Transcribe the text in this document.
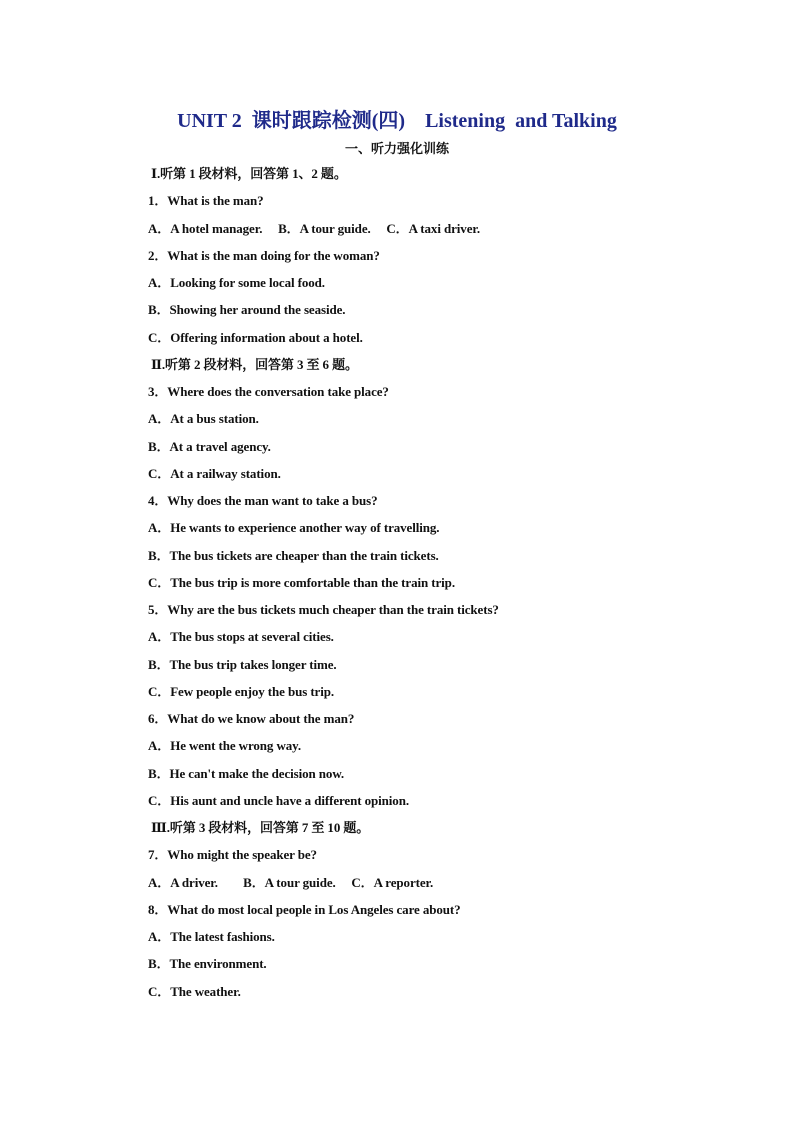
UNIT 2  课时跟踪检测(四)    Listening  and Talking
一、听力强化训练
Ⅰ.听第 1 段材料，回答第 1、2 题。
1．What is the man?
A．A hotel manager.     B．A tour guide.     C．A taxi driver.
2．What is the man doing for the woman?
A．Looking for some local food.
B．Showing her around the seaside.
C．Offering information about a hotel.
Ⅱ.听第 2 段材料，回答第 3 至 6 题。
3．Where does the conversation take place?
A．At a bus station.
B．At a travel agency.
C．At a railway station.
4．Why does the man want to take a bus?
A．He wants to experience another way of travelling.
B．The bus tickets are cheaper than the train tickets.
C．The bus trip is more comfortable than the train trip.
5．Why are the bus tickets much cheaper than the train tickets?
A．The bus stops at several cities.
B．The bus trip takes longer time.
C．Few people enjoy the bus trip.
6．What do we know about the man?
A．He went the wrong way.
B．He can't make the decision now.
C．His aunt and uncle have a different opinion.
Ⅲ.听第 3 段材料，回答第 7 至 10 题。
7．Who might the speaker be?
A．A driver.        B．A tour guide.     C．A reporter.
8．What do most local people in Los Angeles care about?
A．The latest fashions.
B．The environment.
C．The weather.
